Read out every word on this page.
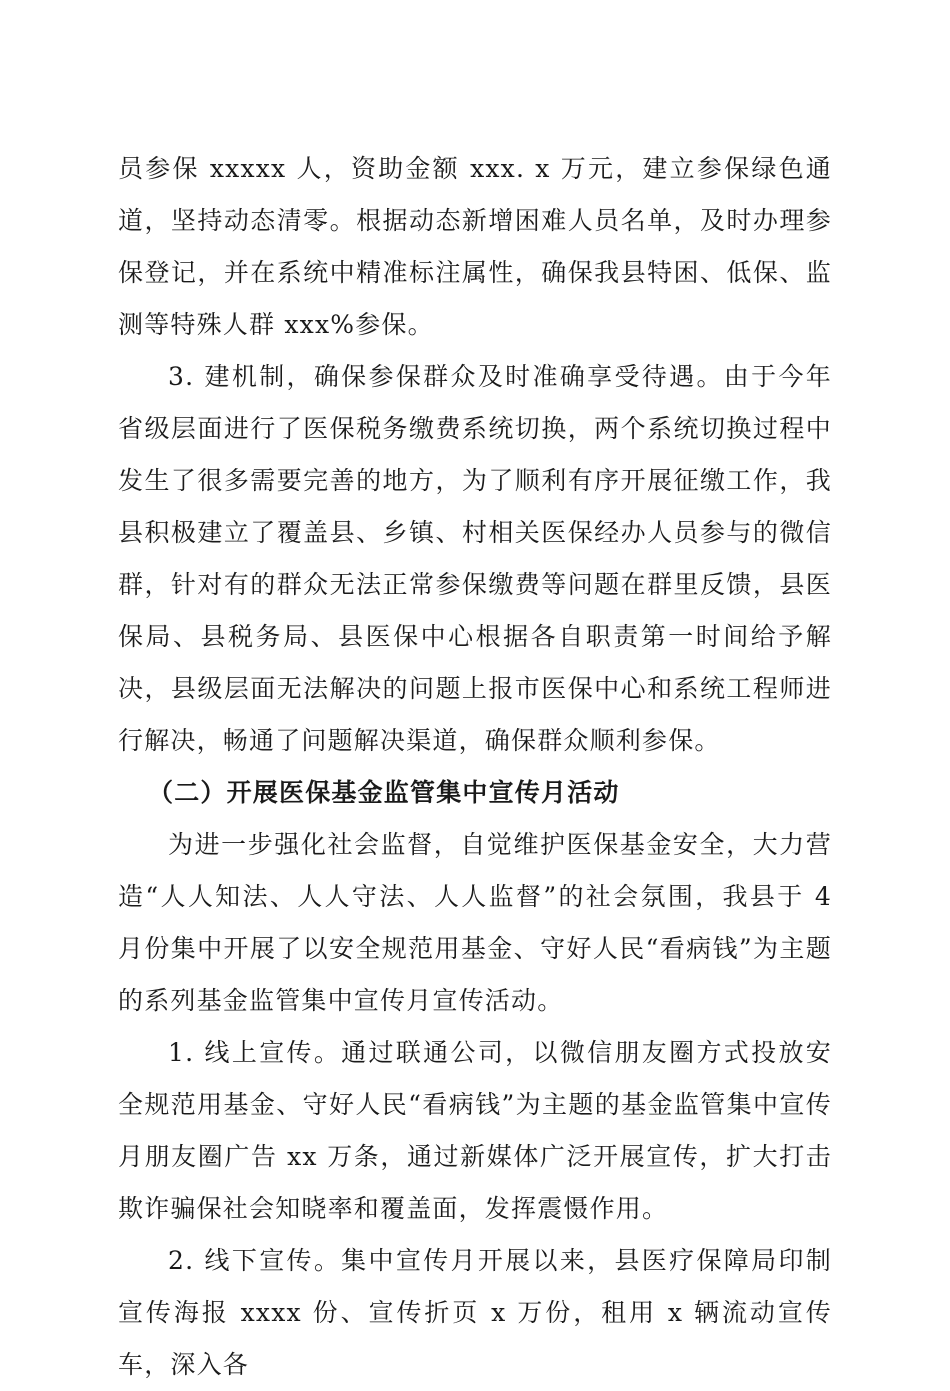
员参保 xxxxx 人，资助金额 xxx. x 万元，建立参保绿色通道，坚持动态清零。根据动态新增困难人员名单，及时办理参保登记，并在系统中精准标注属性，确保我县特困、低保、监测等特殊人群 xxx%参保。

3. 建机制，确保参保群众及时准确享受待遇。由于今年省级层面进行了医保税务缴费系统切换，两个系统切换过程中发生了很多需要完善的地方，为了顺利有序开展征缴工作，我县积极建立了覆盖县、乡镇、村相关医保经办人员参与的微信群，针对有的群众无法正常参保缴费等问题在群里反馈，县医保局、县税务局、县医保中心根据各自职责第一时间给予解决，县级层面无法解决的问题上报市医保中心和系统工程师进行解决，畅通了问题解决渠道，确保群众顺利参保。

（二）开展医保基金监管集中宣传月活动

为进一步强化社会监督，自觉维护医保基金安全，大力营造“人人知法、人人守法、人人监督”的社会氛围，我县于 4 月份集中开展了以安全规范用基金、守好人民“看病钱”为主题的系列基金监管集中宣传月宣传活动。

1. 线上宣传。通过联通公司，以微信朋友圈方式投放安全规范用基金、守好人民“看病钱”为主题的基金监管集中宣传月朋友圈广告 xx 万条，通过新媒体广泛开展宣传，扩大打击欺诈骗保社会知晓率和覆盖面，发挥震慑作用。

2. 线下宣传。集中宣传月开展以来，县医疗保障局印制宣传海报 xxxx 份、宣传折页 x 万份，租用 x 辆流动宣传车，深入各
